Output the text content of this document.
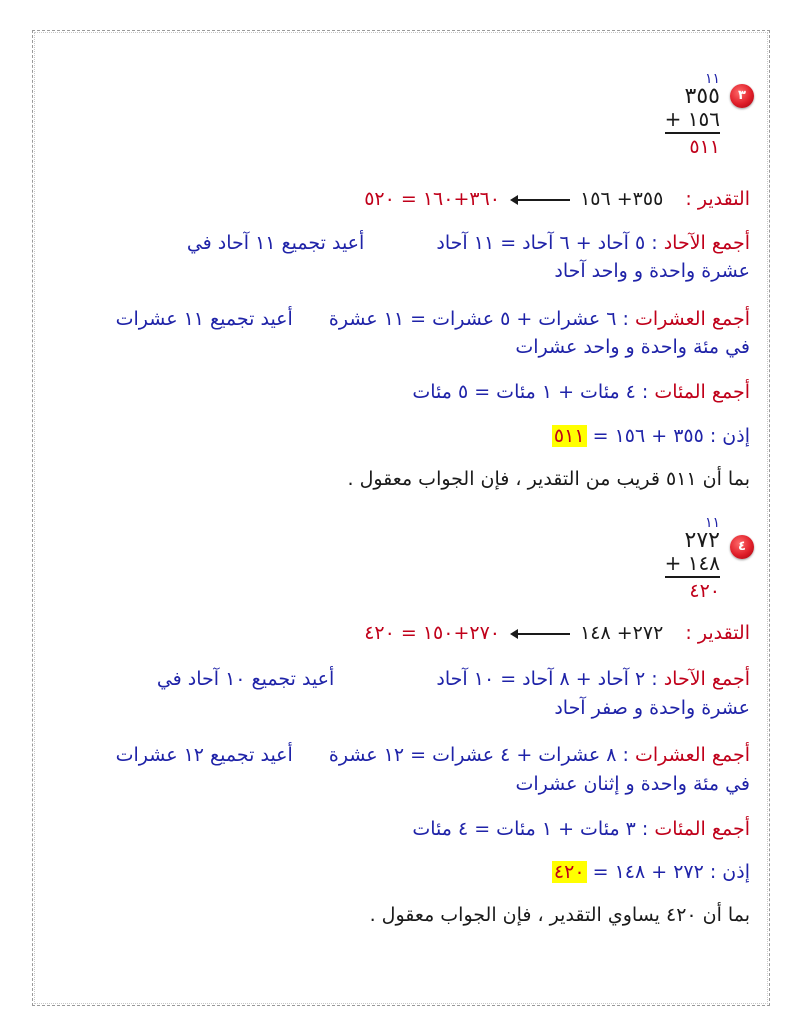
٣
١١
٣٥٥
١٥٦ +
٥١١
التقدير :  ٣٥٥+ ١٥٦  ٣٦٠+١٦٠ = ٥٢٠
أجمع الآحاد : ٥ آحاد + ٦ آحاد = ١١ آحاد  أعيد تجميع ١١ آحاد في
عشرة واحدة و واحد آحاد
أجمع العشرات : ٦ عشرات + ٥ عشرات = ١١ عشرة  أعيد تجميع ١١ عشرات
في مئة واحدة و واحد عشرات
أجمع المئات : ٤ مئات + ١ مئات = ٥ مئات
إذن : ٣٥٥ + ١٥٦ = ٥١١
بما أن ٥١١ قريب من التقدير ، فإن الجواب معقول .
٤
١١
٢٧٢
١٤٨ +
٤٢٠
التقدير :  ٢٧٢+ ١٤٨  ٢٧٠+١٥٠ = ٤٢٠
أجمع الآحاد : ٢ آحاد + ٨ آحاد = ١٠ آحاد  أعيد تجميع ١٠ آحاد في
عشرة واحدة و صفر آحاد
أجمع العشرات : ٨ عشرات + ٤ عشرات = ١٢ عشرة  أعيد تجميع ١٢ عشرات
في مئة واحدة و إثنان عشرات
أجمع المئات : ٣ مئات + ١ مئات = ٤ مئات
إذن : ٢٧٢ + ١٤٨ = ٤٢٠
بما أن ٤٢٠ يساوي التقدير ، فإن الجواب معقول .
